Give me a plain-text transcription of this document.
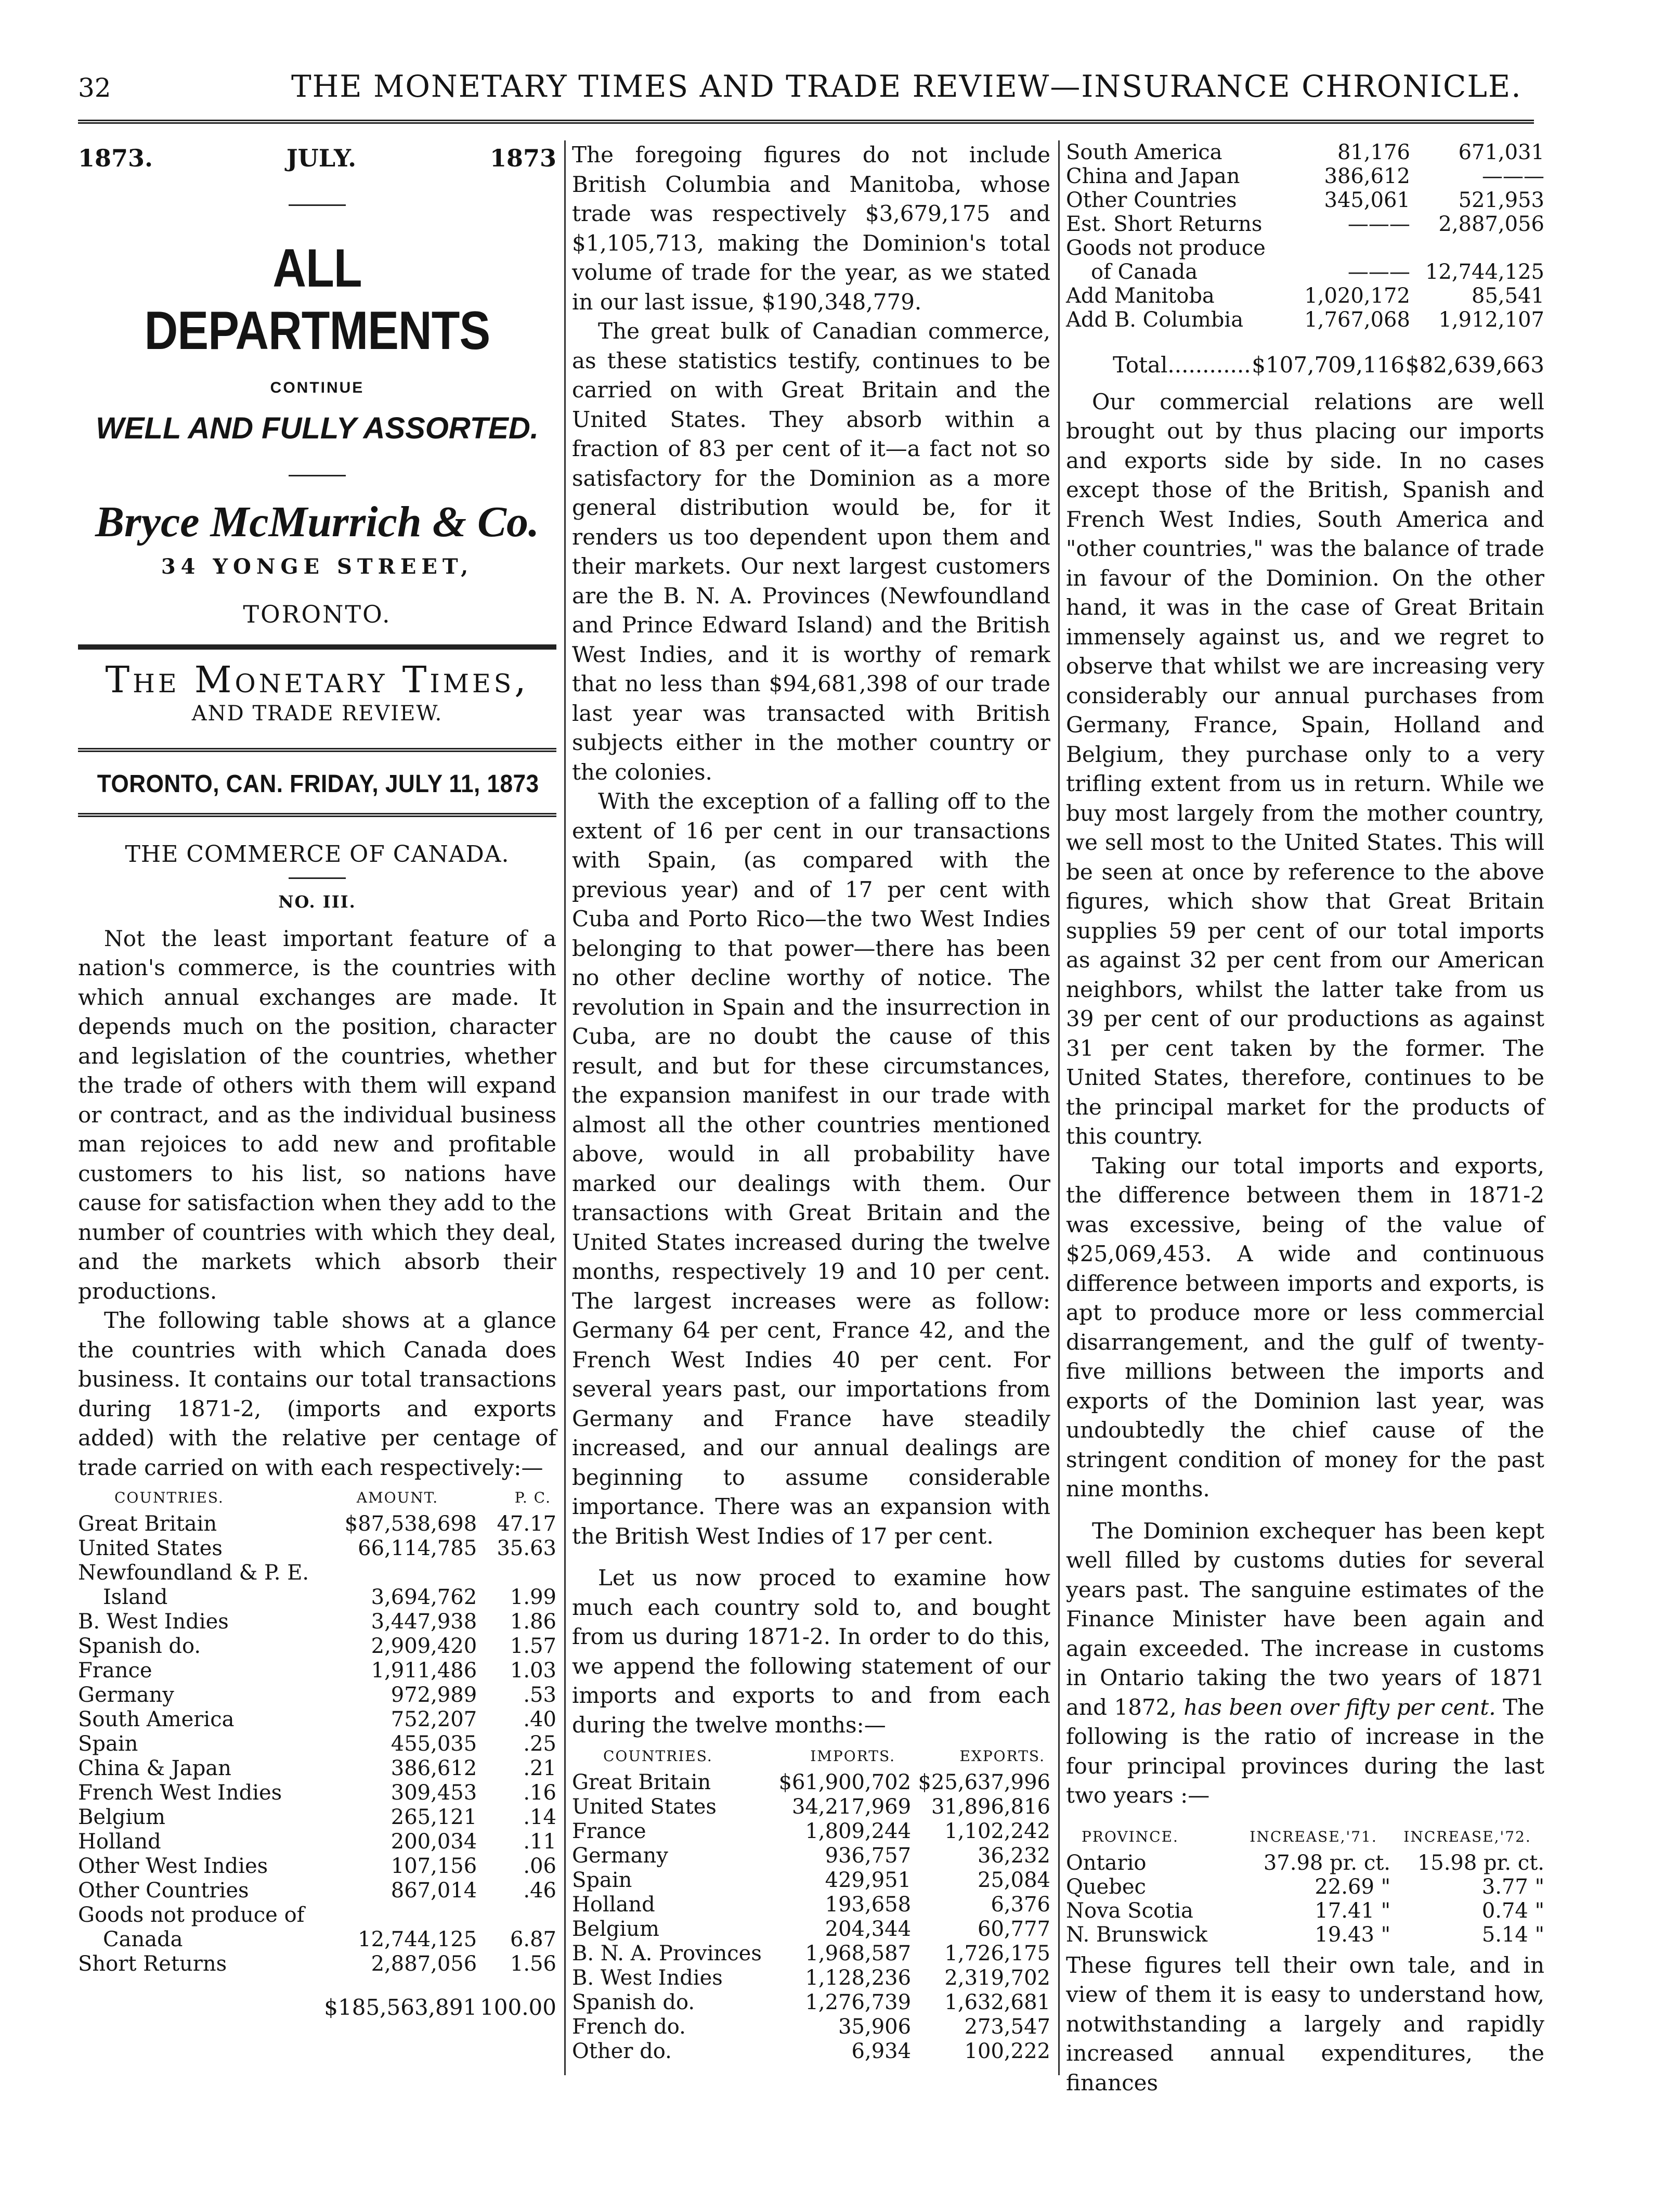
32	THE MONETARY TIMES AND TRADE REVIEW—INSURANCE CHRONICLE.
1873.	JULY.	1873
ALL DEPARTMENTS
CONTINUE
WELL AND FULLY ASSORTED.
Bryce McMurrich & Co.
34 YONGE STREET,
TORONTO.
The Monetary Times,
AND TRADE REVIEW.
TORONTO, CAN. FRIDAY, JULY 11, 1873
THE COMMERCE OF CANADA.
NO. III.

Not the least important feature of a nation's commerce, is the countries with which annual exchanges are made. It depends much on the position, character and legislation of the countries, whether the trade of others with them will expand or contract, and as the individual business man rejoices to add new and profitable customers to his list, so nations have cause for satisfaction when they add to the number of countries with which they deal, and the markets which absorb their productions.

The following table shows at a glance the countries with which Canada does business. It contains our total transactions during 1871-2, (imports and exports added) with the relative per centage of trade carried on with each respectively:—

COUNTRIES.	AMOUNT.	P. C.
Great Britain	$87,538,698	47.17
United States	66,114,785	35.63
Newfoundland & P. E.		
Island	3,694,762	1.99
B. West Indies	3,447,938	1.86
Spanish do.	2,909,420	1.57
France	1,911,486	1.03
Germany	972,989	.53
South America	752,207	.40
Spain	455,035	.25
China & Japan	386,612	.21
French West Indies	309,453	.16
Belgium	265,121	.14
Holland	200,034	.11
Other West Indies	107,156	.06
Other Countries	867,014	.46
Goods not produce of		
Canada	12,744,125	6.87
Short Returns	2,887,056	1.56
	$185,563,891	100.00

The foregoing figures do not include British Columbia and Manitoba, whose trade was respectively $3,679,175 and $1,105,713, making the Dominion's total volume of trade for the year, as we stated in our last issue, $190,348,779.

The great bulk of Canadian commerce, as these statistics testify, continues to be carried on with Great Britain and the United States. They absorb within a fraction of 83 per cent of it—a fact not so satisfactory for the Dominion as a more general distribution would be, for it renders us too dependent upon them and their markets. Our next largest customers are the B. N. A. Provinces (Newfoundland and Prince Edward Island) and the British West Indies, and it is worthy of remark that no less than $94,681,398 of our trade last year was transacted with British subjects either in the mother country or the colonies.

With the exception of a falling off to the extent of 16 per cent in our transactions with Spain, (as compared with the previous year) and of 17 per cent with Cuba and Porto Rico—the two West Indies belonging to that power—there has been no other decline worthy of notice. The revolution in Spain and the insurrection in Cuba, are no doubt the cause of this result, and but for these circumstances, the expansion manifest in our trade with almost all the other countries mentioned above, would in all probability have marked our dealings with them. Our transactions with Great Britain and the United States increased during the twelve months, respectively 19 and 10 per cent. The largest increases were as follow: Germany 64 per cent, France 42, and the French West Indies 40 per cent. For several years past, our importations from Germany and France have steadily increased, and our annual dealings are beginning to assume considerable importance. There was an expansion with the British West Indies of 17 per cent.

Let us now proced to examine how much each country sold to, and bought from us during 1871-2. In order to do this, we append the following statement of our imports and exports to and from each during the twelve months:—

COUNTRIES.	IMPORTS.	EXPORTS.
Great Britain	$61,900,702	$25,637,996
United States	34,217,969	31,896,816
France	1,809,244	1,102,242
Germany	936,757	36,232
Spain	429,951	25,084
Holland	193,658	6,376
Belgium	204,344	60,777
B. N. A. Provinces	1,968,587	1,726,175
B. West Indies	1,128,236	2,319,702
Spanish do.	1,276,739	1,632,681
French do.	35,906	273,547
Other do.	6,934	100,222
South America	81,176	671,031
China and Japan	386,612	———
Other Countries	345,061	521,953
Est. Short Returns	———	2,887,056
Goods not produce		
of Canada	———	12,744,125
Add Manitoba	1,020,172	85,541
Add B. Columbia	1,767,068	1,912,107
Total............ $107,709,116 $82,639,663

Our commercial relations are well brought out by thus placing our imports and exports side by side. In no cases except those of the British, Spanish and French West Indies, South America and "other countries," was the balance of trade in favour of the Dominion. On the other hand, it was in the case of Great Britain immensely against us, and we regret to observe that whilst we are increasing very considerably our annual purchases from Germany, France, Spain, Holland and Belgium, they purchase only to a very trifling extent from us in return. While we buy most largely from the mother country, we sell most to the United States. This will be seen at once by reference to the above figures, which show that Great Britain supplies 59 per cent of our total imports as against 32 per cent from our American neighbors, whilst the latter take from us 39 per cent of our productions as against 31 per cent taken by the former. The United States, therefore, continues to be the principal market for the products of this country.

Taking our total imports and exports, the difference between them in 1871-2 was excessive, being of the value of $25,069,453. A wide and continuous difference between imports and exports, is apt to produce more or less commercial disarrangement, and the gulf of twenty-five millions between the imports and exports of the Dominion last year, was undoubtedly the chief cause of the stringent condition of money for the past nine months.

The Dominion exchequer has been kept well filled by customs duties for several years past. The sanguine estimates of the Finance Minister have been again and again exceeded. The increase in customs in Ontario taking the two years of 1871 and 1872, has been over fifty per cent. The following is the ratio of increase in the four principal provinces during the last two years :—

PROVINCE.	INCREASE,'71.	INCREASE,'72.
Ontario	37.98 pr. ct.	15.98 pr. ct.
Quebec	22.69 "	3.77 "
Nova Scotia	17.41 "	0.74 "
N. Brunswick	19.43 "	5.14 "

These figures tell their own tale, and in view of them it is easy to understand how, notwithstanding a largely and rapidly increased annual expenditures, the finances
